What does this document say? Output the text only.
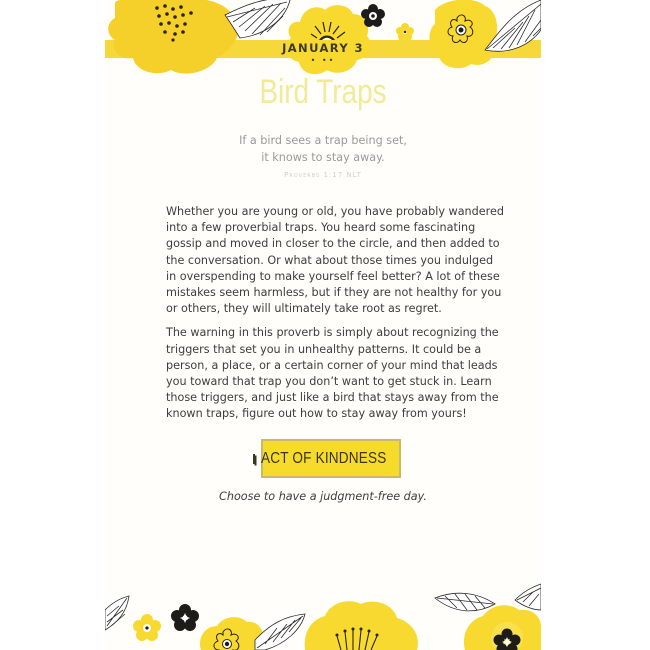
JANUARY 3
• ••
Bird Traps
If a bird sees a trap being set,
it knows to stay away.
Proverbs 1:17 NLT

Whether you are young or old, you have probably wandered into a few proverbial traps. You heard some fascinating gossip and moved in closer to the circle, and then added to the conversation. Or what about those times you indulged in overspending to make yourself feel better? A lot of these mistakes seem harmless, but if they are not healthy for you or others, they will ultimately take root as regret.

The warning in this proverb is simply about recognizing the triggers that set you in unhealthy patterns. It could be a person, a place, or a certain corner of your mind that leads you toward that trap you don’t want to get stuck in. Learn those triggers, and just like a bird that stays away from the known traps, figure out how to stay away from yours!

ACT OF KINDNESS
Choose to have a judgment-free day.
